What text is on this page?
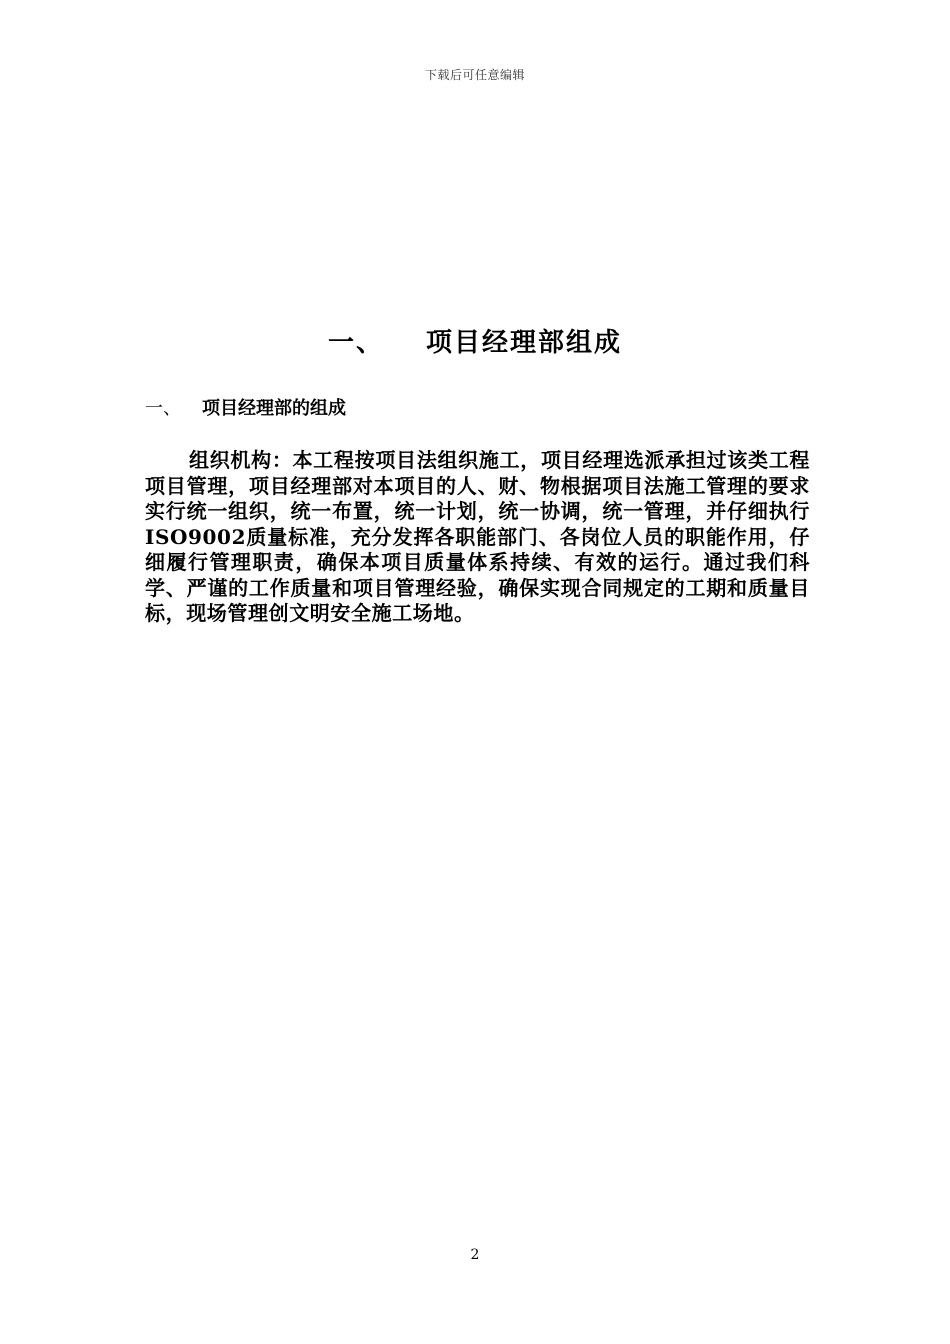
下载后可任意编辑
一、 项目经理部组成
一、 项目经理部的组成

组织机构：本工程按项目法组织施工，项目经理选派承担过该类工程项目管理，项目经理部对本项目的人、财、物根据项目法施工管理的要求实行统一组织，统一布置，统一计划，统一协调，统一管理，并仔细执行ISO9002质量标准，充分发挥各职能部门、各岗位人员的职能作用，仔细履行管理职责，确保本项目质量体系持续、有效的运行。通过我们科学、严谨的工作质量和项目管理经验，确保实现合同规定的工期和质量目标，现场管理创文明安全施工场地。

2
